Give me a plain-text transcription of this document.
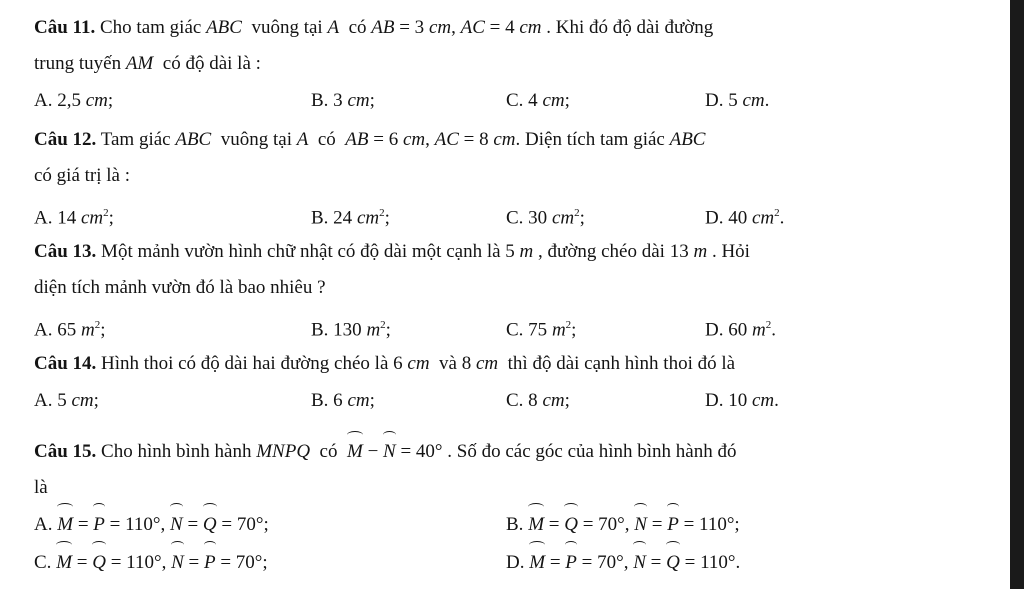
Câu 11. Cho tam giác ABC  vuông tại A  có AB = 3 cm, AC = 4 cm . Khi đó độ dài đường
trung tuyến AM  có độ dài là :
A. 2,5 cm;	B. 3 cm;	C. 4 cm;	D. 5 cm.
Câu 12. Tam giác ABC  vuông tại A  có  AB = 6 cm, AC = 8 cm. Diện tích tam giác ABC
có giá trị là :
A. 14 $cm^2$;	B. 24 $cm^2$;	C. 30 $cm^2$;	D. 40 $cm^2$.
Câu 13. Một mảnh vườn hình chữ nhật có độ dài một cạnh là 5 m , đường chéo dài 13 m . Hỏi
diện tích mảnh vườn đó là bao nhiêu ?
A. 65 $m^2$;	B. 130 $m^2$;	C. 75 $m^2$;	D. 60 $m^2$.
Câu 14. Hình thoi có độ dài hai đường chéo là 6 cm  và 8 cm  thì độ dài cạnh hình thoi đó là
A. 5 cm;	B. 6 cm;	C. 8 cm;	D. 10 cm.
Câu 15. Cho hình bình hành MNPQ  có  M − N = 40° . Số đo các góc của hình bình hành đó
là
A. M = P = 110°, N = Q = 70°;	B. M = Q = 70°, N = P = 110°;
C. M = Q = 110°, N = P = 70°;	D. M = P = 70°, N = Q = 110°.
